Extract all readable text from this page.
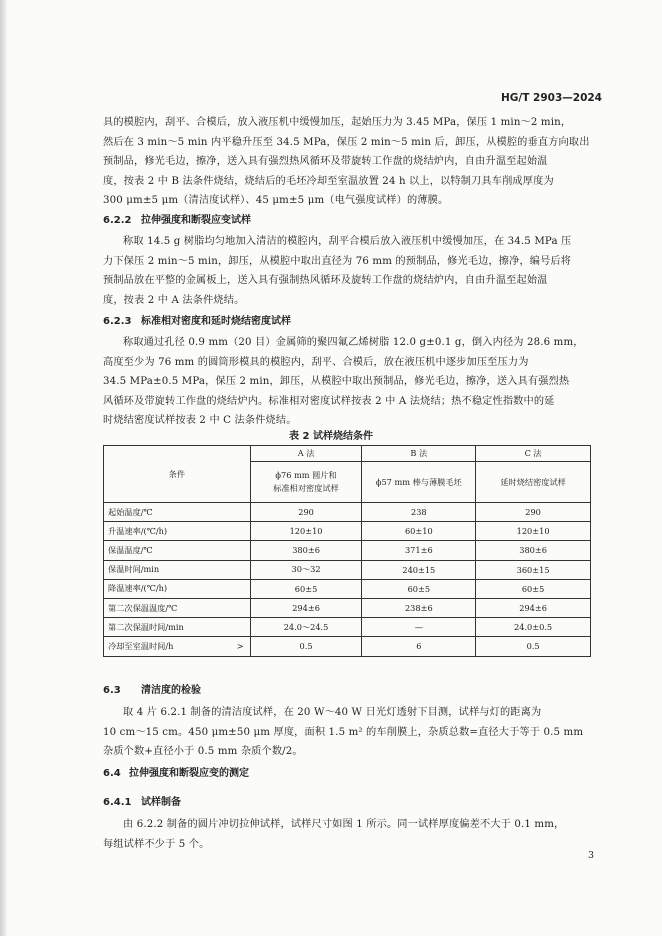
HG/T 2903—2024
具的模腔内，刮平、合模后，放入液压机中缓慢加压，起始压力为 3.45 MPa，保压 1 min～2 min，
然后在 3 min～5 min 内平稳升压至 34.5 MPa，保压 2 min～5 min 后，卸压，从模腔的垂直方向取出
预制品，修光毛边，擦净，送入具有强烈热风循环及带旋转工作盘的烧结炉内，自由升温至起始温
度，按表 2 中 B 法条件烧结，烧结后的毛坯冷却至室温放置 24 h 以上，以特制刀具车削成厚度为
300 μm±5 μm（清洁度试样）、45 μm±5 μm（电气强度试样）的薄膜。
6.2.2 拉伸强度和断裂应变试样
称取 14.5 g 树脂均匀地加入清洁的模腔内，刮平合模后放入液压机中缓慢加压，在 34.5 MPa 压
力下保压 2 min～5 min，卸压，从模腔中取出直径为 76 mm 的预制品，修光毛边，擦净，编号后将
预制品放在平整的金属板上，送入具有强制热风循环及旋转工作盘的烧结炉内，自由升温至起始温
度，按表 2 中 A 法条件烧结。
6.2.3 标准相对密度和延时烧结密度试样
称取通过孔径 0.9 mm（20 目）金属筛的聚四氟乙烯树脂 12.0 g±0.1 g，倒入内径为 28.6 mm，
高度至少为 76 mm 的圆筒形模具的模腔内，刮平、合模后，放在液压机中逐步加压至压力为
34.5 MPa±0.5 MPa，保压 2 min，卸压，从模腔中取出预制品，修光毛边，擦净，送入具有强烈热
风循环及带旋转工作盘的烧结炉内。标准相对密度试样按表 2 中 A 法烧结；热不稳定性指数中的延
时烧结密度试样按表 2 中 C 法条件烧结。
表 2 试样烧结条件
条件	A 法	B 法	C 法
	ϕ76 mm 圆片和
标准相对密度试样	ϕ57 mm 棒与薄膜毛坯	延时烧结密度试样
起始温度/℃	290	238	290
升温速率/(℃/h)	120±10	60±10	120±10
保温温度/℃	380±6	371±6	380±6
保温时间/min	30～32	240±15	360±15
降温速率/(℃/h)	60±5	60±5	60±5
第二次保温温度/℃	294±6	238±6	294±6
第二次保温时间/min	24.0～24.5	—	24.0±0.5
冷却至室温时间/h >	0.5	6	0.5
6.3 清洁度的检验
取 4 片 6.2.1 制备的清洁度试样，在 20 W～40 W 日光灯透射下目测，试样与灯的距离为
10 cm～15 cm。450 μm±50 μm 厚度，面积 1.5 m² 的车削膜上，杂质总数=直径大于等于 0.5 mm
杂质个数+直径小于 0.5 mm 杂质个数/2。
6.4 拉伸强度和断裂应变的测定
6.4.1 试样制备
由 6.2.2 制备的圆片冲切拉伸试样，试样尺寸如图 1 所示。同一试样厚度偏差不大于 0.1 mm，
每组试样不少于 5 个。
3
